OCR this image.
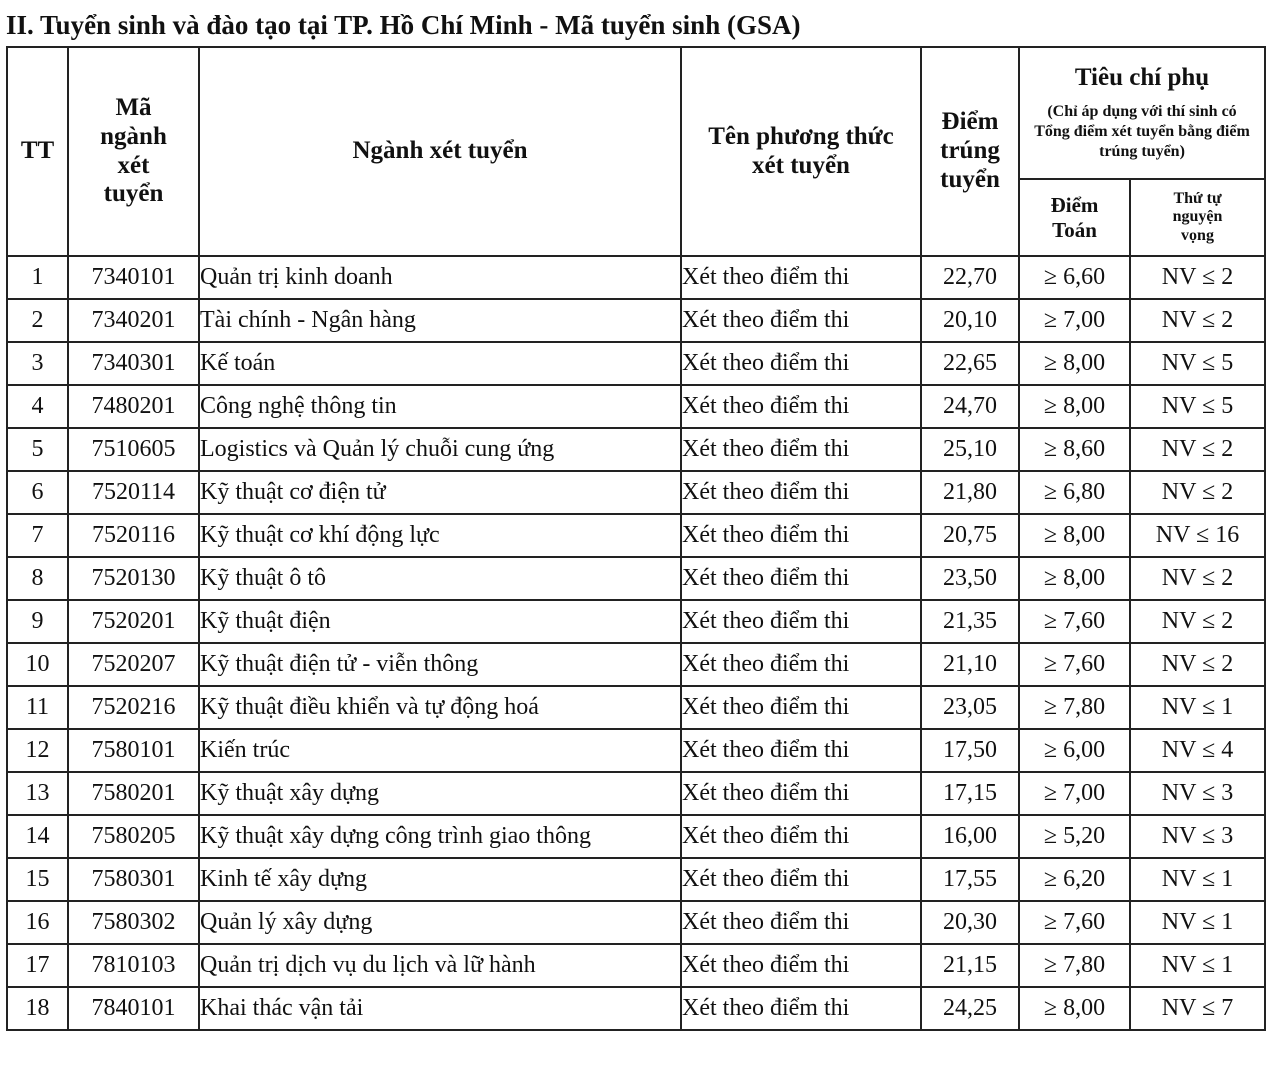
II. Tuyển sinh và đào tạo tại TP. Hồ Chí Minh - Mã tuyển sinh (GSA)
TT	Mã ngành xét tuyển	Ngành xét tuyển	Tên phương thức xét tuyển	Điểm trúng tuyển	Tiêu chí phụ
(Chỉ áp dụng với thí sinh có Tổng điểm xét tuyển bằng điểm trúng tuyển)	

					Điểm Toán	Thứ tự nguyện vọng
1	7340101	Quản trị kinh doanh	Xét theo điểm thi	22,70	≥ 6,60	NV ≤ 2
2	7340201	Tài chính - Ngân hàng	Xét theo điểm thi	20,10	≥ 7,00	NV ≤ 2
3	7340301	Kế toán	Xét theo điểm thi	22,65	≥ 8,00	NV ≤ 5
4	7480201	Công nghệ thông tin	Xét theo điểm thi	24,70	≥ 8,00	NV ≤ 5
5	7510605	Logistics và Quản lý chuỗi cung ứng	Xét theo điểm thi	25,10	≥ 8,60	NV ≤ 2
6	7520114	Kỹ thuật cơ điện tử	Xét theo điểm thi	21,80	≥ 6,80	NV ≤ 2
7	7520116	Kỹ thuật cơ khí động lực	Xét theo điểm thi	20,75	≥ 8,00	NV ≤ 16
8	7520130	Kỹ thuật ô tô	Xét theo điểm thi	23,50	≥ 8,00	NV ≤ 2
9	7520201	Kỹ thuật điện	Xét theo điểm thi	21,35	≥ 7,60	NV ≤ 2
10	7520207	Kỹ thuật điện tử - viễn thông	Xét theo điểm thi	21,10	≥ 7,60	NV ≤ 2
11	7520216	Kỹ thuật điều khiển và tự động hoá	Xét theo điểm thi	23,05	≥ 7,80	NV ≤ 1
12	7580101	Kiến trúc	Xét theo điểm thi	17,50	≥ 6,00	NV ≤ 4
13	7580201	Kỹ thuật xây dựng	Xét theo điểm thi	17,15	≥ 7,00	NV ≤ 3
14	7580205	Kỹ thuật xây dựng công trình giao thông	Xét theo điểm thi	16,00	≥ 5,20	NV ≤ 3
15	7580301	Kinh tế xây dựng	Xét theo điểm thi	17,55	≥ 6,20	NV ≤ 1
16	7580302	Quản lý xây dựng	Xét theo điểm thi	20,30	≥ 7,60	NV ≤ 1
17	7810103	Quản trị dịch vụ du lịch và lữ hành	Xét theo điểm thi	21,15	≥ 7,80	NV ≤ 1
18	7840101	Khai thác vận tải	Xét theo điểm thi	24,25	≥ 8,00	NV ≤ 7
